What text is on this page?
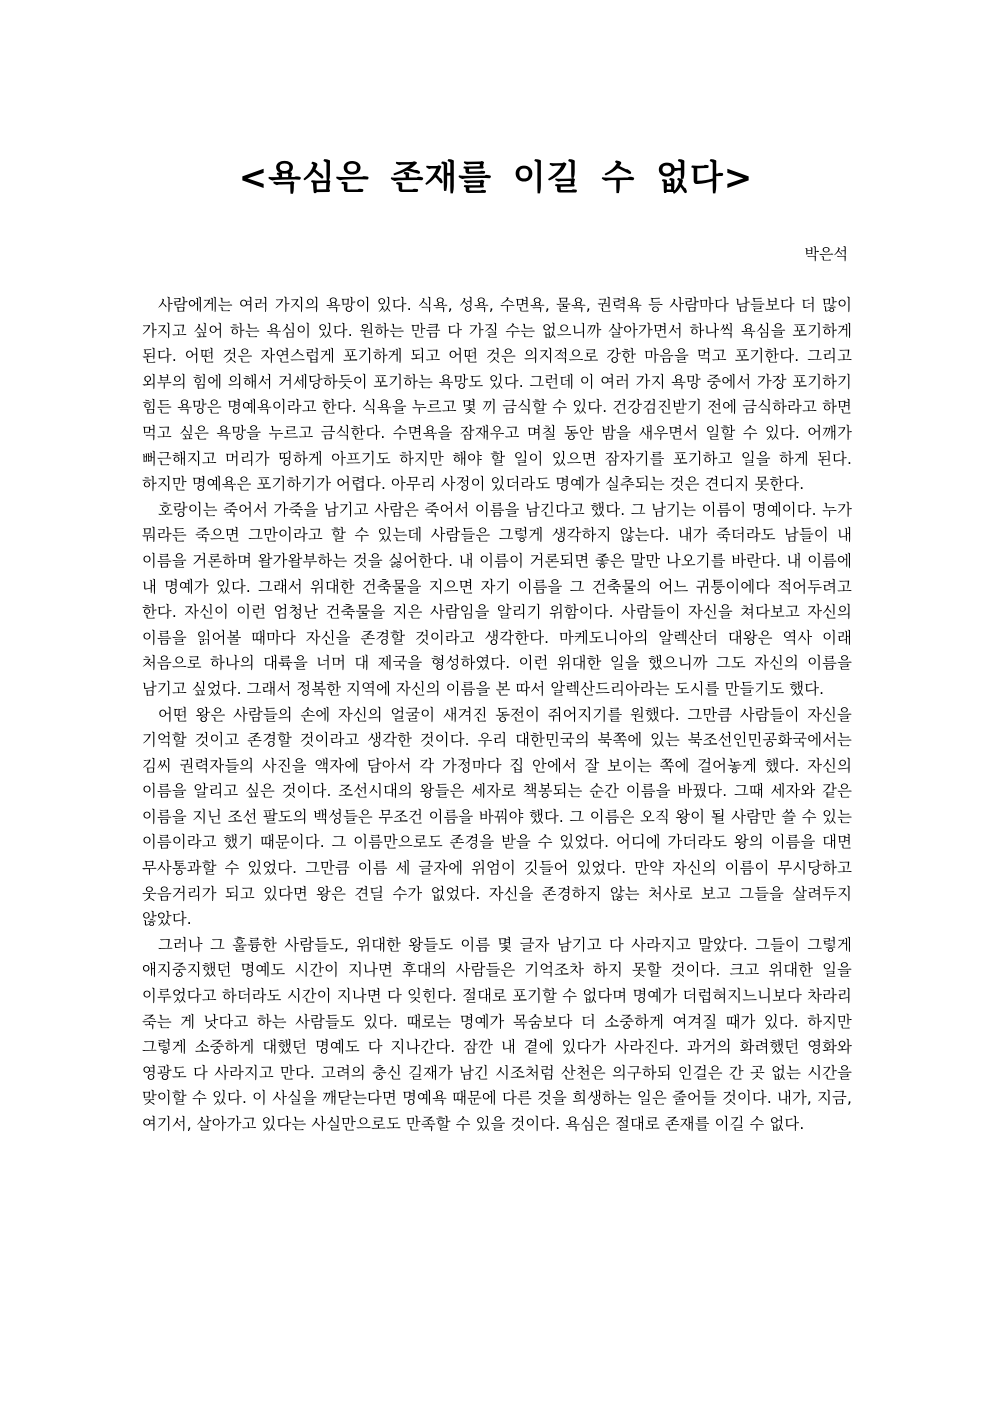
<욕심은 존재를 이길 수 없다>

박은석

사람에게는 여러 가지의 욕망이 있다. 식욕, 성욕, 수면욕, 물욕, 권력욕 등 사람마다 남들보다 더 많이 가지고 싶어 하는 욕심이 있다. 원하는 만큼 다 가질 수는 없으니까 살아가면서 하나씩 욕심을 포기하게 된다. 어떤 것은 자연스럽게 포기하게 되고 어떤 것은 의지적으로 강한 마음을 먹고 포기한다. 그리고 외부의 힘에 의해서 거세당하듯이 포기하는 욕망도 있다. 그런데 이 여러 가지 욕망 중에서 가장 포기하기 힘든 욕망은 명예욕이라고 한다. 식욕을 누르고 몇 끼 금식할 수 있다. 건강검진받기 전에 금식하라고 하면 먹고 싶은 욕망을 누르고 금식한다. 수면욕을 잠재우고 며칠 동안 밤을 새우면서 일할 수 있다. 어깨가 뻐근해지고 머리가 띵하게 아프기도 하지만 해야 할 일이 있으면 잠자기를 포기하고 일을 하게 된다. 하지만 명예욕은 포기하기가 어렵다. 아무리 사정이 있더라도 명예가 실추되는 것은 견디지 못한다.

호랑이는 죽어서 가죽을 남기고 사람은 죽어서 이름을 남긴다고 했다. 그 남기는 이름이 명예이다. 누가 뭐라든 죽으면 그만이라고 할 수 있는데 사람들은 그렇게 생각하지 않는다. 내가 죽더라도 남들이 내 이름을 거론하며 왈가왈부하는 것을 싫어한다. 내 이름이 거론되면 좋은 말만 나오기를 바란다. 내 이름에 내 명예가 있다. 그래서 위대한 건축물을 지으면 자기 이름을 그 건축물의 어느 귀퉁이에다 적어두려고 한다. 자신이 이런 엄청난 건축물을 지은 사람임을 알리기 위함이다. 사람들이 자신을 쳐다보고 자신의 이름을 읽어볼 때마다 자신을 존경할 것이라고 생각한다. 마케도니아의 알렉산더 대왕은 역사 이래 처음으로 하나의 대륙을 너머 대 제국을 형성하였다. 이런 위대한 일을 했으니까 그도 자신의 이름을 남기고 싶었다. 그래서 정복한 지역에 자신의 이름을 본 따서 알렉산드리아라는 도시를 만들기도 했다.

어떤 왕은 사람들의 손에 자신의 얼굴이 새겨진 동전이 쥐어지기를 원했다. 그만큼 사람들이 자신을 기억할 것이고 존경할 것이라고 생각한 것이다. 우리 대한민국의 북쪽에 있는 북조선인민공화국에서는 김씨 권력자들의 사진을 액자에 담아서 각 가정마다 집 안에서 잘 보이는 쪽에 걸어놓게 했다. 자신의 이름을 알리고 싶은 것이다. 조선시대의 왕들은 세자로 책봉되는 순간 이름을 바꿨다. 그때 세자와 같은 이름을 지닌 조선 팔도의 백성들은 무조건 이름을 바꿔야 했다. 그 이름은 오직 왕이 될 사람만 쓸 수 있는 이름이라고 했기 때문이다. 그 이름만으로도 존경을 받을 수 있었다. 어디에 가더라도 왕의 이름을 대면 무사통과할 수 있었다. 그만큼 이름 세 글자에 위엄이 깃들어 있었다. 만약 자신의 이름이 무시당하고 웃음거리가 되고 있다면 왕은 견딜 수가 없었다. 자신을 존경하지 않는 처사로 보고 그들을 살려두지 않았다.

그러나 그 훌륭한 사람들도, 위대한 왕들도 이름 몇 글자 남기고 다 사라지고 말았다. 그들이 그렇게 애지중지했던 명예도 시간이 지나면 후대의 사람들은 기억조차 하지 못할 것이다. 크고 위대한 일을 이루었다고 하더라도 시간이 지나면 다 잊힌다. 절대로 포기할 수 없다며 명예가 더럽혀지느니보다 차라리 죽는 게 낫다고 하는 사람들도 있다. 때로는 명예가 목숨보다 더 소중하게 여겨질 때가 있다. 하지만 그렇게 소중하게 대했던 명예도 다 지나간다. 잠깐 내 곁에 있다가 사라진다. 과거의 화려했던 영화와 영광도 다 사라지고 만다. 고려의 충신 길재가 남긴 시조처럼 산천은 의구하되 인걸은 간 곳 없는 시간을 맞이할 수 있다. 이 사실을 깨닫는다면 명예욕 때문에 다른 것을 희생하는 일은 줄어들 것이다. 내가, 지금, 여기서, 살아가고 있다는 사실만으로도 만족할 수 있을 것이다. 욕심은 절대로 존재를 이길 수 없다.
